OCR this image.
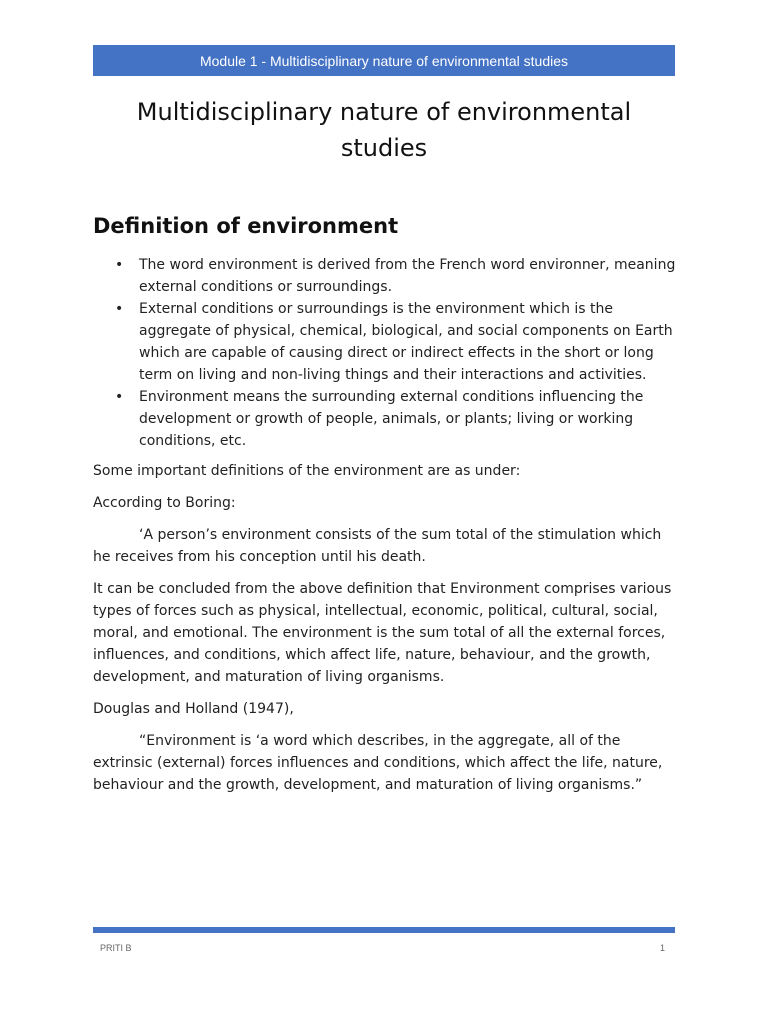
Module 1 - Multidisciplinary nature of environmental studies
Multidisciplinary nature of environmental
studies
Definition of environment
• The word environment is derived from the French word environner, meaning external conditions or surroundings.
• External conditions or surroundings is the environment which is the aggregate of physical, chemical, biological, and social components on Earth which are capable of causing direct or indirect effects in the short or long term on living and non-living things and their interactions and activities.
• Environment means the surrounding external conditions influencing the development or growth of people, animals, or plants; living or working conditions, etc.

Some important definitions of the environment are as under:

According to Boring:

‘A person’s environment consists of the sum total of the stimulation which he receives from his conception until his death.

It can be concluded from the above definition that Environment comprises various types of forces such as physical, intellectual, economic, political, cultural, social, moral, and emotional. The environment is the sum total of all the external forces, influences, and conditions, which affect life, nature, behaviour, and the growth, development, and maturation of living organisms.

Douglas and Holland (1947),

“Environment is ‘a word which describes, in the aggregate, all of the extrinsic (external) forces influences and conditions, which affect the life, nature, behaviour and the growth, development, and maturation of living organisms.”

PRITI B	1
